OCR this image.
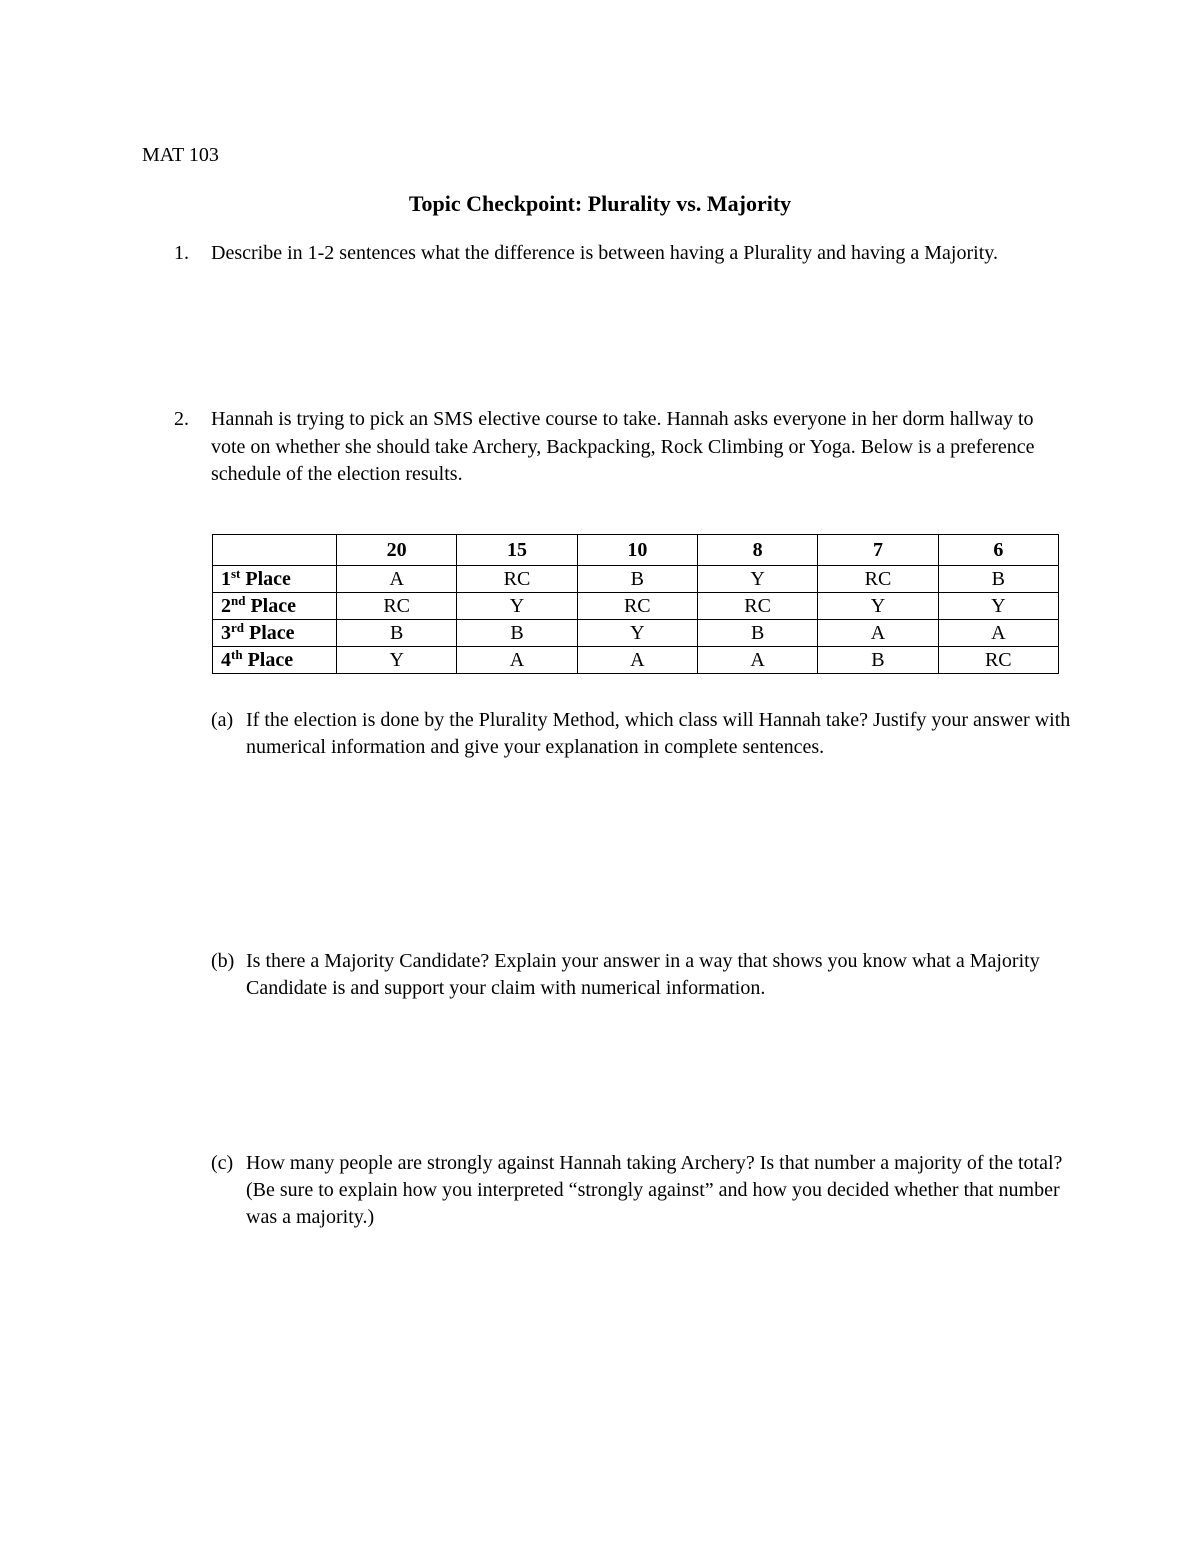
MAT 103
Topic Checkpoint: Plurality vs. Majority
1. Describe in 1-2 sentences what the difference is between having a Plurality and having a Majority.
2. Hannah is trying to pick an SMS elective course to take. Hannah asks everyone in her dorm hallway to vote on whether she should take Archery, Backpacking, Rock Climbing or Yoga. Below is a preference schedule of the election results.
	20	15	10	8	7	6
1st Place	A	RC	B	Y	RC	B
2nd Place	RC	Y	RC	RC	Y	Y
3rd Place	B	B	Y	B	A	A
4th Place	Y	A	A	A	B	RC
(a) If the election is done by the Plurality Method, which class will Hannah take? Justify your answer with numerical information and give your explanation in complete sentences.
(b) Is there a Majority Candidate? Explain your answer in a way that shows you know what a Majority Candidate is and support your claim with numerical information.
(c) How many people are strongly against Hannah taking Archery? Is that number a majority of the total? (Be sure to explain how you interpreted “strongly against” and how you decided whether that number was a majority.)
